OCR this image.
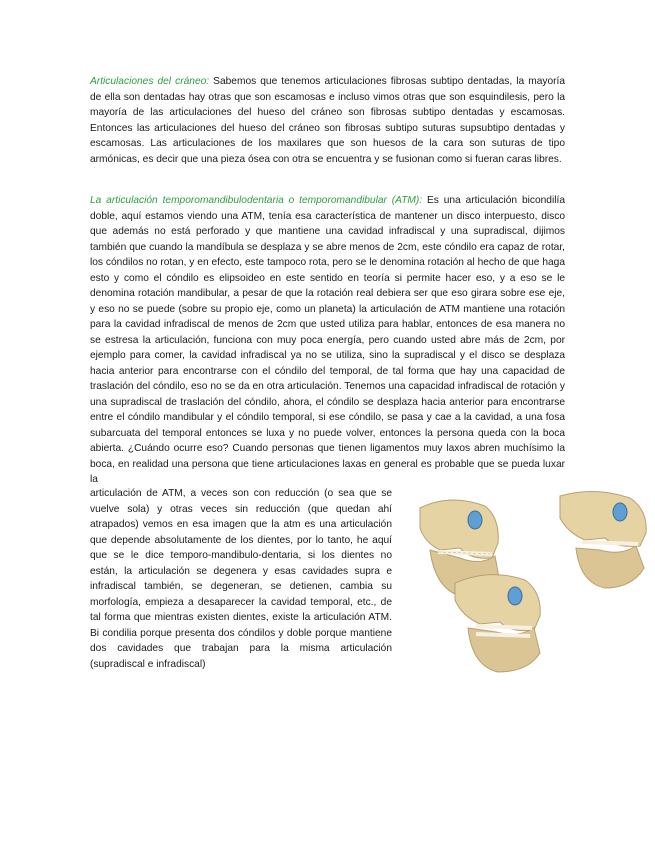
Articulaciones del cráneo: Sabemos que tenemos articulaciones fibrosas subtipo dentadas, la mayoría de ella son dentadas hay otras que son escamosas e incluso vimos otras que son esquindilesis, pero la mayoría de las articulaciones del hueso del cráneo son fibrosas subtipo dentadas y escamosas. Entonces las articulaciones del hueso del cráneo son fibrosas subtipo suturas supsubtipo dentadas y escamosas. Las articulaciones de los maxilares que son huesos de la cara son suturas de tipo armónicas, es decir que una pieza ósea con otra se encuentra y se fusionan como si fueran caras libres.

La articulación temporomandibulodentaria o temporomandibular (ATM): Es una articulación bicondilía doble, aquí estamos viendo una ATM, tenía esa característica de mantener un disco interpuesto, disco que además no está perforado y que mantiene una cavidad infradiscal y una supradiscal, dijimos también que cuando la mandíbula se desplaza y se abre menos de 2cm, este cóndilo era capaz de rotar, los cóndilos no rotan, y en efecto, este tampoco rota, pero se le denomina rotación al hecho de que haga esto y como el cóndilo es elipsoideo en este sentido en teoría si permite hacer eso, y a eso se le denomina rotación mandibular, a pesar de que la rotación real debiera ser que eso girara sobre ese eje, y eso no se puede (sobre su propio eje, como un planeta) la articulación de ATM mantiene una rotación para la cavidad infradiscal de menos de 2cm que usted utiliza para hablar, entonces de esa manera no se estresa la articulación, funciona con muy poca energía, pero cuando usted abre más de 2cm, por ejemplo para comer, la cavidad infradiscal ya no se utiliza, sino la supradiscal y el disco se desplaza hacia anterior para encontrarse con el cóndilo del temporal, de tal forma que hay una capacidad de traslación del cóndilo, eso no se da en otra articulación. Tenemos una capacidad infradiscal de rotación y una supradiscal de traslación del cóndilo, ahora, el cóndilo se desplaza hacia anterior para encontrarse entre el cóndilo mandibular y el cóndilo temporal, si ese cóndilo, se pasa y cae a la cavidad, a una fosa subarcuata del temporal entonces se luxa y no puede volver, entonces la persona queda con la boca abierta. ¿Cuándo ocurre eso? Cuando personas que tienen ligamentos muy laxos abren muchísimo la boca, en realidad una persona que tiene articulaciones laxas en general es probable que se pueda luxar la

articulación de ATM, a veces son con reducción (o sea que se vuelve sola) y otras veces sin reducción (que quedan ahí atrapados) vemos en esa imagen que la atm es una articulación que depende absolutamente de los dientes, por lo tanto, he aquí que se le dice temporo-mandibulo-dentaria, si los dientes no están, la articulación se degenera y esas cavidades supra e infradiscal también, se degeneran, se detienen, cambia su morfología, empieza a desaparecer la cavidad temporal, etc., de tal forma que mientras existen dientes, existe la articulación ATM. Bi condilia porque presenta dos cóndilos y doble porque mantiene dos cavidades que trabajan para la misma articulación (supradiscal e infradiscal)
